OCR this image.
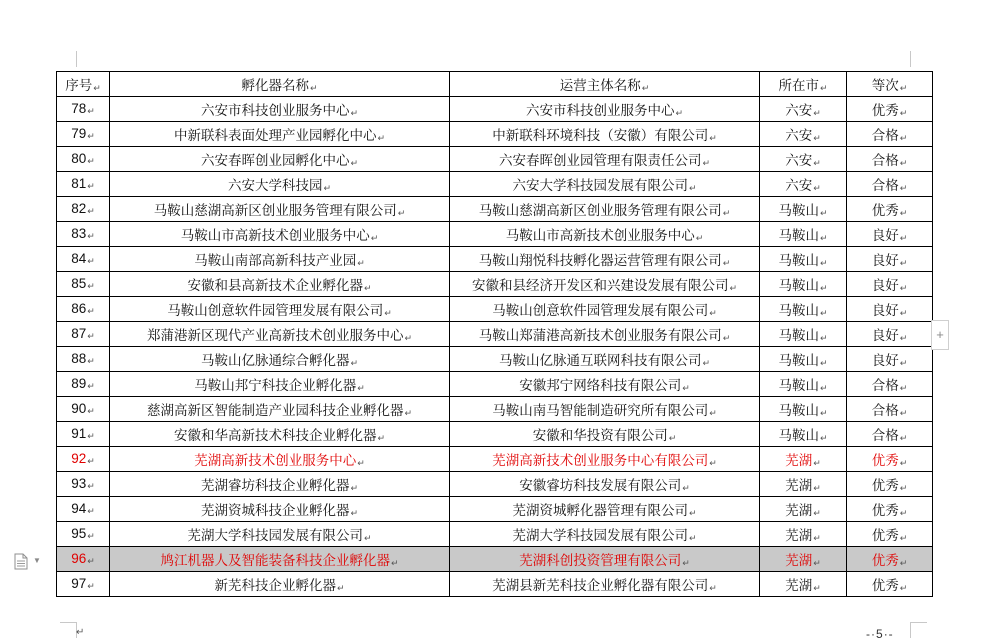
序号 ↵	孵化器名称 ↵	运营主体名称 ↵	所在市 ↵	等次 ↵
78 ↵	六安市科技创业服务中心 ↵	六安市科技创业服务中心 ↵	六安 ↵	优秀 ↵
79 ↵	中新联科表面处理产业园孵化中心 ↵	中新联科环境科技（安徽）有限公司 ↵	六安 ↵	合格 ↵
80 ↵	六安春晖创业园孵化中心 ↵	六安春晖创业园管理有限责任公司 ↵	六安 ↵	合格 ↵
81 ↵	六安大学科技园 ↵	六安大学科技园发展有限公司 ↵	六安 ↵	合格 ↵
82 ↵	马鞍山慈湖高新区创业服务管理有限公司 ↵	马鞍山慈湖高新区创业服务管理有限公司 ↵	马鞍山 ↵	优秀 ↵
83 ↵	马鞍山市高新技术创业服务中心 ↵	马鞍山市高新技术创业服务中心 ↵	马鞍山 ↵	良好 ↵
84 ↵	马鞍山南部高新科技产业园 ↵	马鞍山翔悦科技孵化器运营管理有限公司 ↵	马鞍山 ↵	良好 ↵
85 ↵	安徽和县高新技术企业孵化器 ↵	安徽和县经济开发区和兴建设发展有限公司 ↵	马鞍山 ↵	良好 ↵
86 ↵	马鞍山创意软件园管理发展有限公司 ↵	马鞍山创意软件园管理发展有限公司 ↵	马鞍山 ↵	良好 ↵
87 ↵	郑蒲港新区现代产业高新技术创业服务中心 ↵	马鞍山郑蒲港高新技术创业服务有限公司 ↵	马鞍山 ↵	良好 ↵
88 ↵	马鞍山亿脉通综合孵化器 ↵	马鞍山亿脉通互联网科技有限公司 ↵	马鞍山 ↵	良好 ↵
89 ↵	马鞍山邦宁科技企业孵化器 ↵	安徽邦宁网络科技有限公司 ↵	马鞍山 ↵	合格 ↵
90 ↵	慈湖高新区智能制造产业园科技企业孵化器 ↵	马鞍山南马智能制造研究所有限公司 ↵	马鞍山 ↵	合格 ↵
91 ↵	安徽和华高新技术科技企业孵化器 ↵	安徽和华投资有限公司 ↵	马鞍山 ↵	合格 ↵
92 ↵	芜湖高新技术创业服务中心 ↵	芜湖高新技术创业服务中心有限公司 ↵	芜湖 ↵	优秀 ↵
93 ↵	芜湖睿坊科技企业孵化器 ↵	安徽睿坊科技发展有限公司 ↵	芜湖 ↵	优秀 ↵
94 ↵	芜湖资城科技企业孵化器 ↵	芜湖资城孵化器管理有限公司 ↵	芜湖 ↵	优秀 ↵
95 ↵	芜湖大学科技园发展有限公司 ↵	芜湖大学科技园发展有限公司 ↵	芜湖 ↵	优秀 ↵
96 ↵	鸠江机器人及智能装备科技企业孵化器 ↵	芜湖科创投资管理有限公司 ↵	芜湖 ↵	优秀 ↵
97 ↵	新芜科技企业孵化器 ↵	芜湖县新芜科技企业孵化器有限公司 ↵	芜湖 ↵	优秀 ↵
+
▼
↵	-·5·-
